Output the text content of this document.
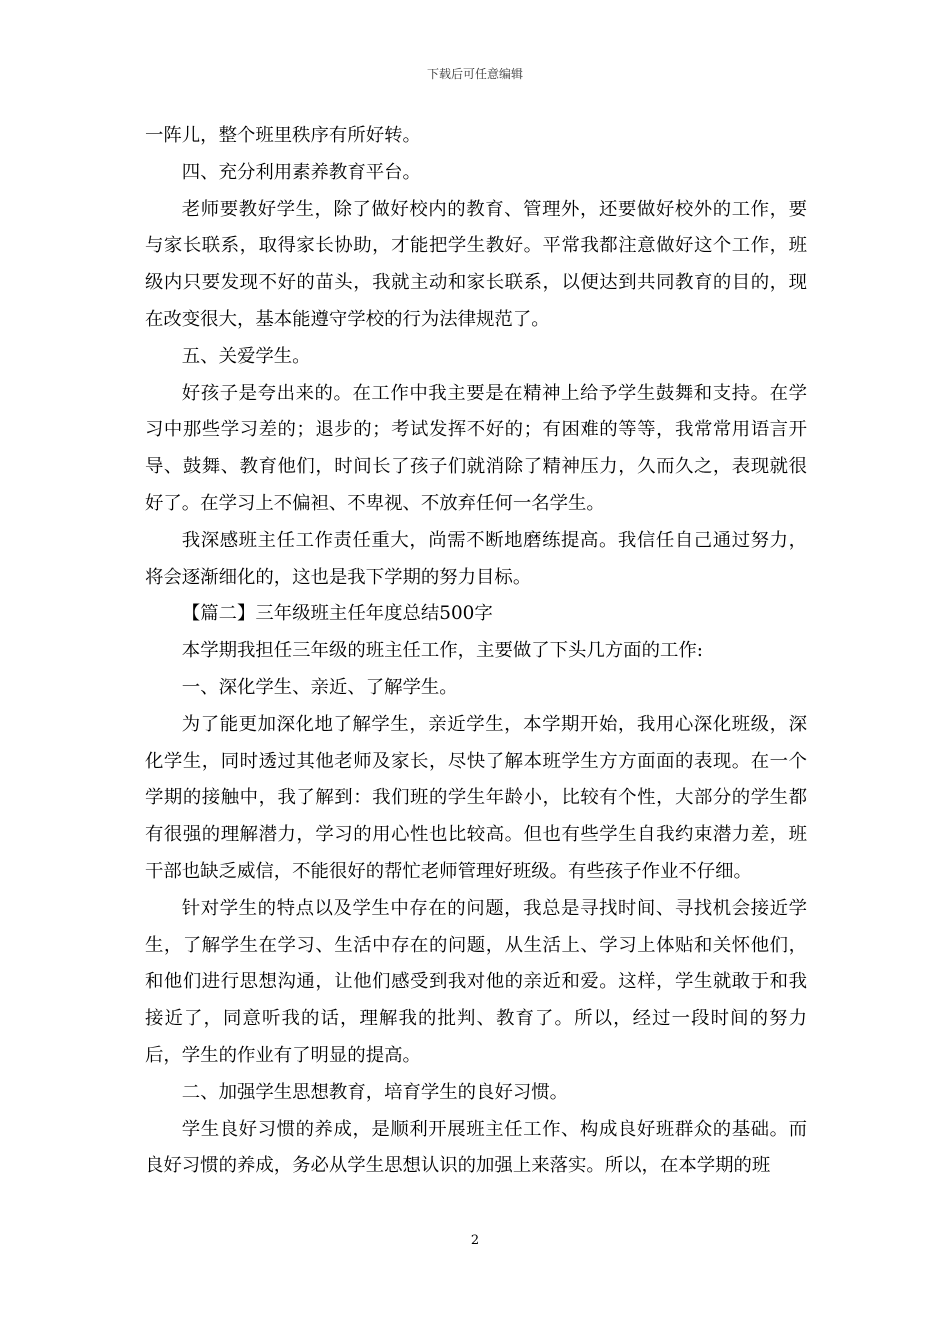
下载后可任意编辑

一阵儿，整个班里秩序有所好转。

四、充分利用素养教育平台。

老师要教好学生，除了做好校内的教育、管理外，还要做好校外的工作，要与家长联系，取得家长协助，才能把学生教好。平常我都注意做好这个工作，班级内只要发现不好的苗头，我就主动和家长联系，以便达到共同教育的目的，现在改变很大，基本能遵守学校的行为法律规范了。

五、关爱学生。

好孩子是夸出来的。在工作中我主要是在精神上给予学生鼓舞和支持。在学习中那些学习差的；退步的；考试发挥不好的；有困难的等等，我常常用语言开导、鼓舞、教育他们，时间长了孩子们就消除了精神压力，久而久之，表现就很好了。在学习上不偏袒、不卑视、不放弃任何一名学生。

我深感班主任工作责任重大，尚需不断地磨练提高。我信任自己通过努力，将会逐渐细化的，这也是我下学期的努力目标。

【篇二】三年级班主任年度总结500字

本学期我担任三年级的班主任工作，主要做了下头几方面的工作:

一、深化学生、亲近、了解学生。

为了能更加深化地了解学生，亲近学生，本学期开始，我用心深化班级，深化学生，同时透过其他老师及家长，尽快了解本班学生方方面面的表现。在一个学期的接触中，我了解到：我们班的学生年龄小，比较有个性，大部分的学生都有很强的理解潜力，学习的用心性也比较高。但也有些学生自我约束潜力差，班干部也缺乏威信，不能很好的帮忙老师管理好班级。有些孩子作业不仔细。

针对学生的特点以及学生中存在的问题，我总是寻找时间、寻找机会接近学生，了解学生在学习、生活中存在的问题，从生活上、学习上体贴和关怀他们，和他们进行思想沟通，让他们感受到我对他的亲近和爱。这样，学生就敢于和我接近了，同意听我的话，理解我的批判、教育了。所以，经过一段时间的努力后，学生的作业有了明显的提高。

二、加强学生思想教育，培育学生的良好习惯。

学生良好习惯的养成，是顺利开展班主任工作、构成良好班群众的基础。而良好习惯的养成，务必从学生思想认识的加强上来落实。所以，在本学期的班

2
